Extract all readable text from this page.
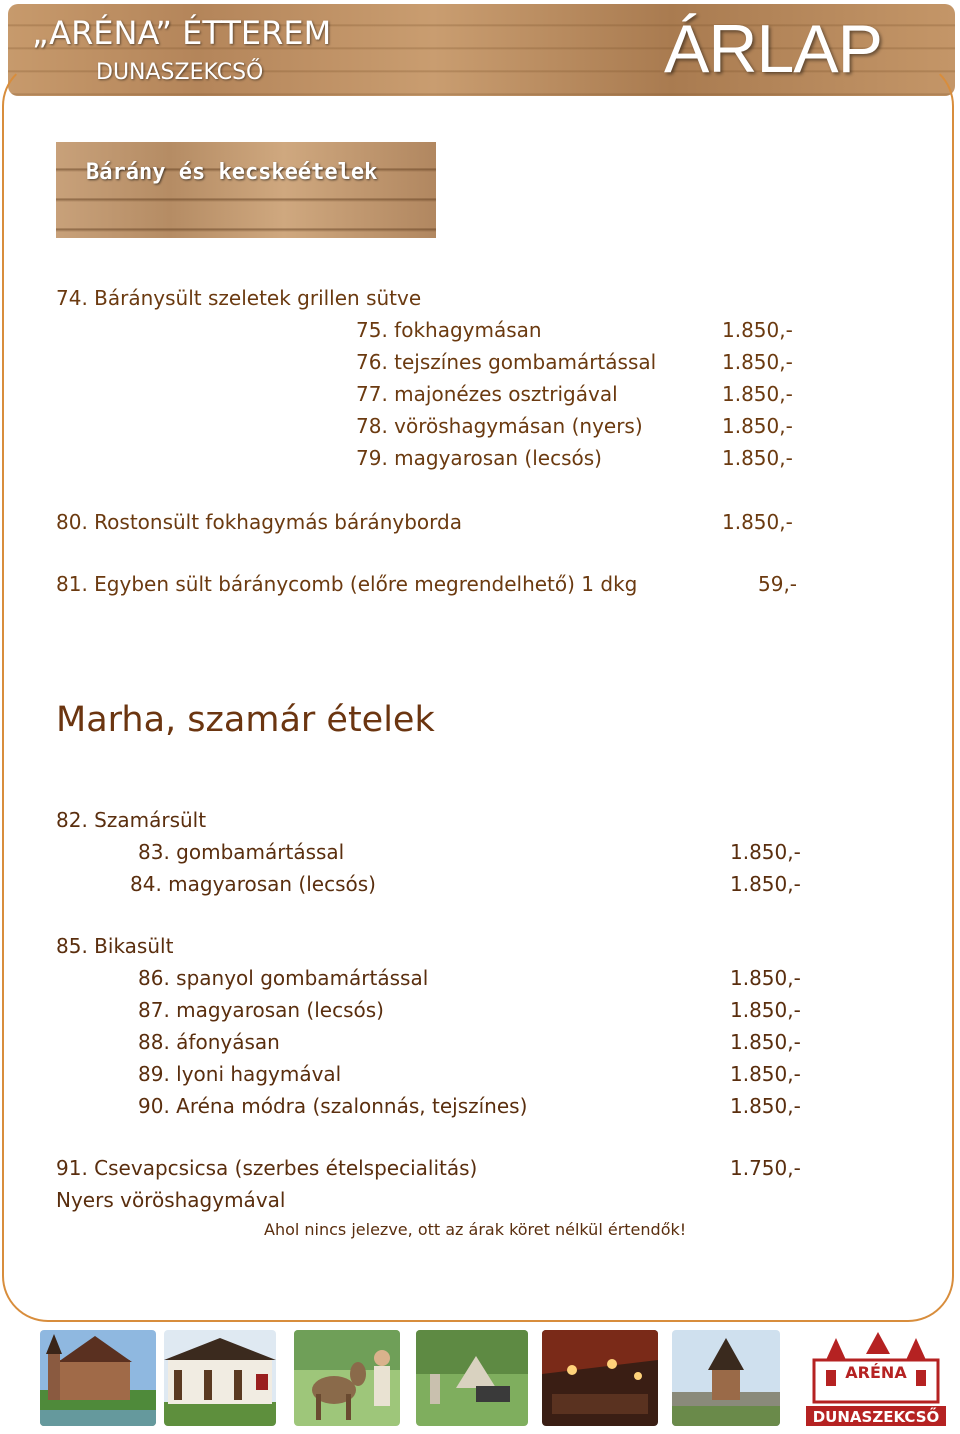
„ARÉNA” ÉTTEREM
DUNASZEKCSŐ	ÁRLAP
Bárány és kecskeételek
74. Báránysült szeletek grillen sütve
75. fokhagymásan	1.850,-
76. tejszínes gombamártással	1.850,-
77. majonézes osztrigával	1.850,-
78. vöröshagymásan (nyers)	1.850,-
79. magyarosan (lecsós)	1.850,-
80. Rostonsült fokhagymás bárányborda	1.850,-
81. Egyben sült báránycomb (előre megrendelhető) 1 dkg	59,-
Marha, szamár ételek
82. Szamársült
83. gombamártással	1.850,-
84. magyarosan (lecsós)	1.850,-
85. Bikasült
86. spanyol gombamártással	1.850,-
87. magyarosan (lecsós)	1.850,-
88. áfonyásan	1.850,-
89. lyoni hagymával	1.850,-
90. Aréna módra (szalonnás, tejszínes)	1.850,-
91. Csevapcsicsa (szerbes ételspecialitás)	1.750,-
Nyers vöröshagymával
Ahol nincs jelezve, ott az árak köret nélkül értendők!
ARÉNA
DUNASZEKCSŐ
